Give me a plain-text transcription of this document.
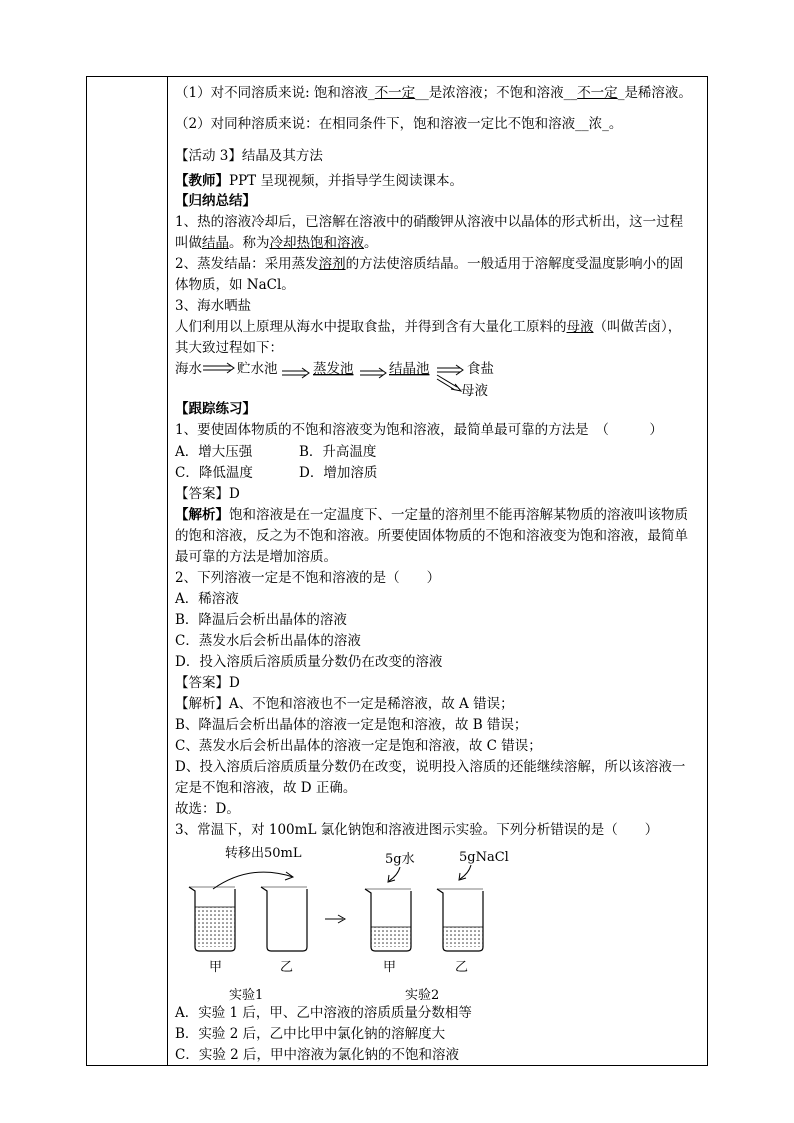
（1）对不同溶质来说: 饱和溶液_不一定__是浓溶液；不饱和溶液__不一定_是稀溶液。
（2）对同种溶质来说：在相同条件下，饱和溶液一定比不饱和溶液__浓_。
【活动 3】结晶及其方法
【教师】PPT 呈现视频，并指导学生阅读课本。
【归纳总结】
1、热的溶液冷却后，已溶解在溶液中的硝酸钾从溶液中以晶体的形式析出，这一过程
叫做结晶。称为冷却热饱和溶液。
2、蒸发结晶：采用蒸发溶剂的方法使溶质结晶。一般适用于溶解度受温度影响小的固
体物质，如 NaCl。
3、海水晒盐
人们利用以上原理从海水中提取食盐，并得到含有大量化工原料的母液（叫做苦卤），
其大致过程如下：
海水	贮水池	蒸发池	结晶池	食盐
母液
【跟踪练习】
1、要使固体物质的不饱和溶液变为饱和溶液，最简单最可靠的方法是　（　　　）
A．增大压强	B．升高温度
C．降低温度	D．增加溶质
【答案】D
【解析】饱和溶液是在一定温度下、一定量的溶剂里不能再溶解某物质的溶液叫该物质
的饱和溶液，反之为不饱和溶液。所要使固体物质的不饱和溶液变为饱和溶液，最简单
最可靠的方法是增加溶质。
2、下列溶液一定是不饱和溶液的是（　　）
A．稀溶液
B．降温后会析出晶体的溶液
C．蒸发水后会析出晶体的溶液
D．投入溶质后溶质质量分数仍在改变的溶液
【答案】D
【解析】A、不饱和溶液也不一定是稀溶液，故 A 错误；
B、降温后会析出晶体的溶液一定是饱和溶液，故 B 错误；
C、蒸发水后会析出晶体的溶液一定是饱和溶液，故 C 错误；
D、投入溶质后溶质质量分数仍在改变，说明投入溶质的还能继续溶解，所以该溶液一
定是不饱和溶液，故 D 正确。
故选：D。
3、常温下，对 100mL 氯化钠饱和溶液进图示实验。下列分析错误的是（　　）
转移出50mL
甲	乙
实验1
5g水	5gNaCl
甲	乙
实验2
A．实验 1 后，甲、乙中溶液的溶质质量分数相等
B．实验 2 后，乙中比甲中氯化钠的溶解度大
C．实验 2 后，甲中溶液为氯化钠的不饱和溶液
